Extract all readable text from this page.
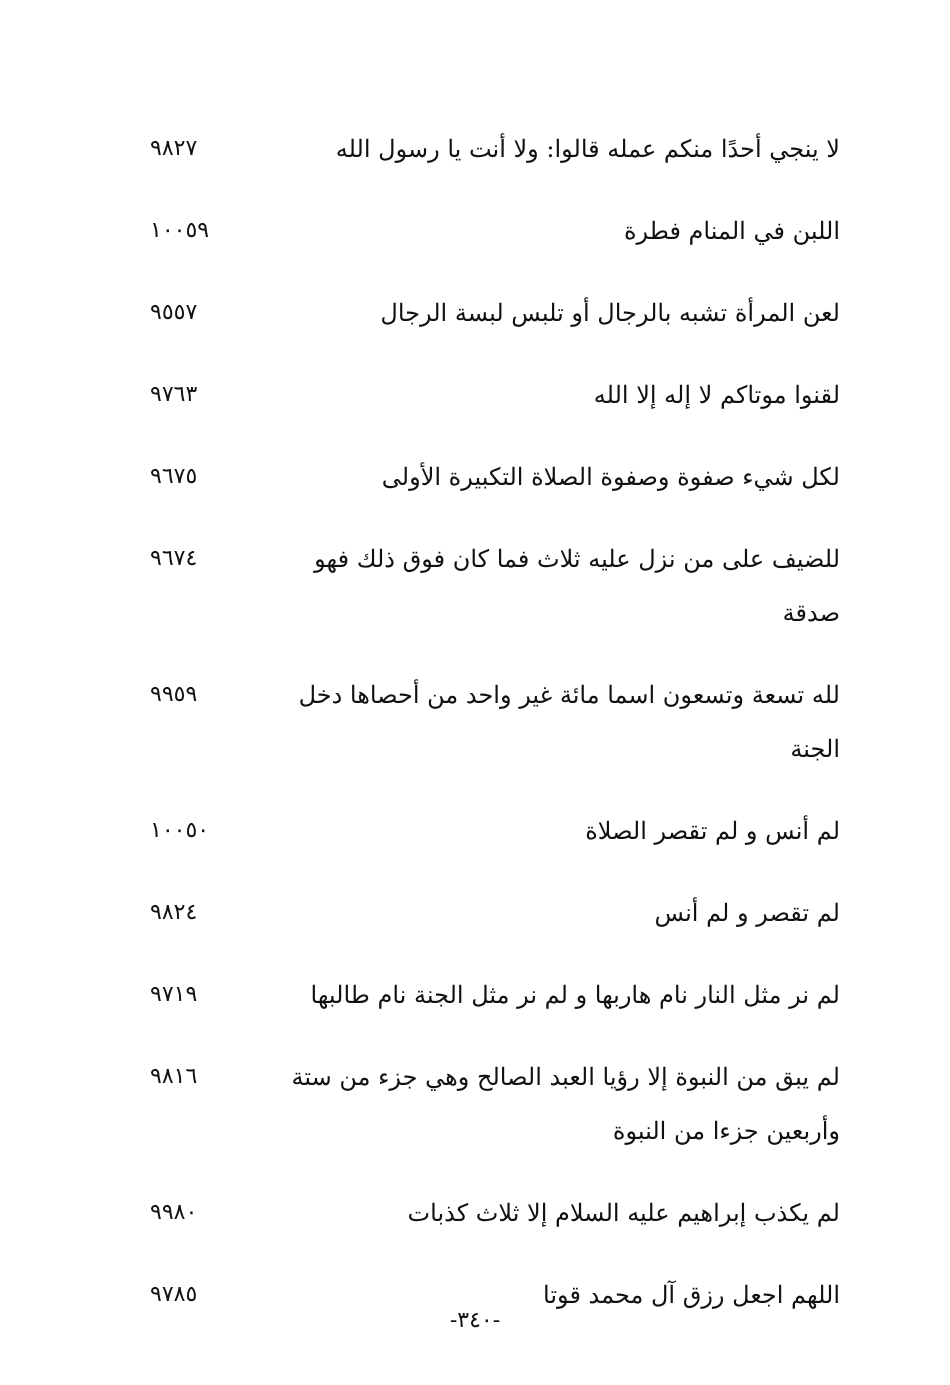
لا ينجي أحدًا منكم عمله قالوا: ولا أنت يا رسول الله
٩٨٢٧
اللبن في المنام فطرة
١٠٠٥٩
لعن المرأة تشبه بالرجال أو تلبس لبسة الرجال
٩٥٥٧
لقنوا موتاكم لا إله إلا الله
٩٧٦٣
لكل شيء صفوة وصفوة الصلاة التكبيرة الأولى
٩٦٧٥
للضيف على من نزل عليه ثلاث فما كان فوق ذلك فهو صدقة
٩٦٧٤
لله تسعة وتسعون اسما مائة غير واحد من أحصاها دخل الجنة
٩٩٥٩
لم أنس و لم تقصر الصلاة
١٠٠٥٠
لم تقصر و لم أنس
٩٨٢٤
لم نر مثل النار نام هاربها و لم نر مثل الجنة نام طالبها
٩٧١٩
لم يبق من النبوة إلا رؤيا العبد الصالح وهي جزء من ستة وأربعين جزءا من النبوة
٩٨١٦
لم يكذب إبراهيم عليه السلام إلا ثلاث كذبات
٩٩٨٠
اللهم اجعل رزق آل محمد قوتا
٩٧٨٥
-٣٤٠-
